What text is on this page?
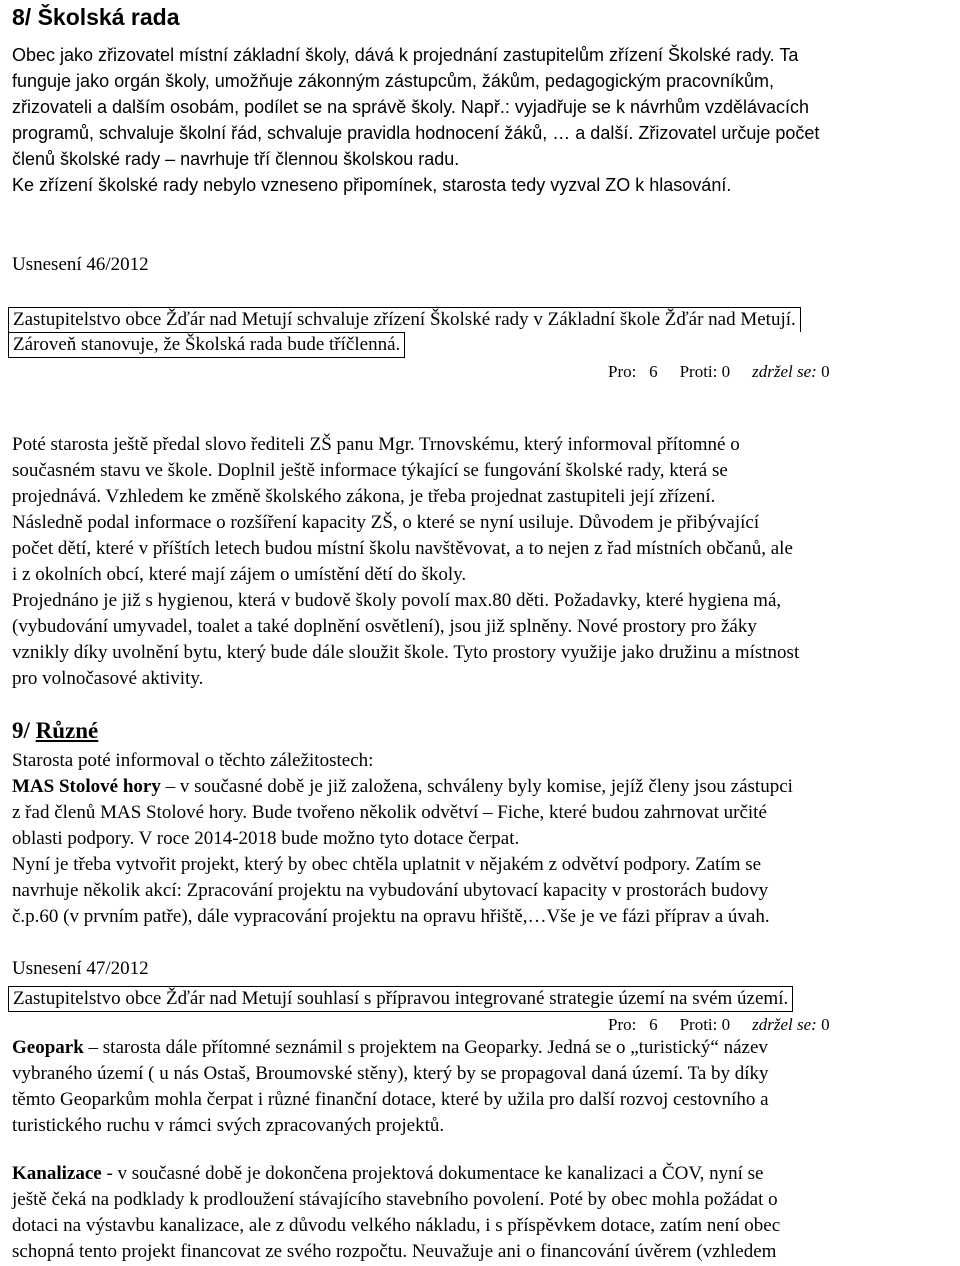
8/ Školská rada
Obec jako zřizovatel místní základní školy, dává k projednání zastupitelům zřízení Školské rady. Ta
funguje jako orgán školy, umožňuje zákonným zástupcům, žákům, pedagogickým pracovníkům,
zřizovateli a dalším osobám, podílet se na správě školy. Např.: vyjadřuje se k návrhům vzdělávacích
programů, schvaluje školní řád, schvaluje pravidla hodnocení žáků, … a další. Zřizovatel určuje počet
členů školské rady – navrhuje tří člennou školskou radu.
Ke zřízení školské rady nebylo vzneseno připomínek, starosta tedy vyzval ZO k hlasování.
Usnesení 46/2012
Zastupitelstvo obce Žďár nad Metují schvaluje zřízení Školské rady v Základní škole Žďár nad Metují.
Zároveň stanovuje, že Školská rada bude tříčlenná.
Pro: 6 Proti: 0 zdržel se: 0
Poté starosta ještě předal slovo řediteli ZŠ panu Mgr. Trnovskému, který informoval přítomné o
současném stavu ve škole. Doplnil ještě informace týkající se fungování školské rady, která se
projednává. Vzhledem ke změně školského zákona, je třeba projednat zastupiteli její zřízení.
Následně podal informace o rozšíření kapacity ZŠ, o které se nyní usiluje. Důvodem je přibývající
počet dětí, které v příštích letech budou místní školu navštěvovat, a to nejen z řad místních občanů, ale
i z okolních obcí, které mají zájem o umístění dětí do školy.
Projednáno je již s hygienou, která v budově školy povolí max.80 děti. Požadavky, které hygiena má,
(vybudování umyvadel, toalet a také doplnění osvětlení), jsou již splněny. Nové prostory pro žáky
vznikly díky uvolnění bytu, který bude dále sloužit škole. Tyto prostory využije jako družinu a místnost
pro volnočasové aktivity.
9/ Různé
Starosta poté informoval o těchto záležitostech:
MAS Stolové hory – v současné době je již založena, schváleny byly komise, jejíž členy jsou zástupci
z řad členů MAS Stolové hory. Bude tvořeno několik odvětví – Fiche, které budou zahrnovat určité
oblasti podpory. V roce 2014-2018 bude možno tyto dotace čerpat.
Nyní je třeba vytvořit projekt, který by obec chtěla uplatnit v nějakém z odvětví podpory. Zatím se
navrhuje několik akcí: Zpracování projektu na vybudování ubytovací kapacity v prostorách budovy
č.p.60 (v prvním patře), dále vypracování projektu na opravu hřiště,…Vše je ve fázi příprav a úvah.
Usnesení 47/2012
Zastupitelstvo obce Žďár nad Metují souhlasí s přípravou integrované strategie území na svém území.
Pro: 6 Proti: 0 zdržel se: 0
Geopark – starosta dále přítomné seznámil s projektem na Geoparky. Jedná se o „turistický“ název
vybraného území ( u nás Ostaš, Broumovské stěny), který by se propagoval daná území. Ta by díky
těmto Geoparkům mohla čerpat i různé finanční dotace, které by užila pro další rozvoj cestovního a
turistického ruchu v rámci svých zpracovaných projektů.
Kanalizace - v současné době je dokončena projektová dokumentace ke kanalizaci a ČOV, nyní se
ještě čeká na podklady k prodloužení stávajícího stavebního povolení. Poté by obec mohla požádat o
dotaci na výstavbu kanalizace, ale z důvodu velkého nákladu, i s příspěvkem dotace, zatím není obec
schopná tento projekt financovat ze svého rozpočtu. Neuvažuje ani o financování úvěrem (vzhledem
